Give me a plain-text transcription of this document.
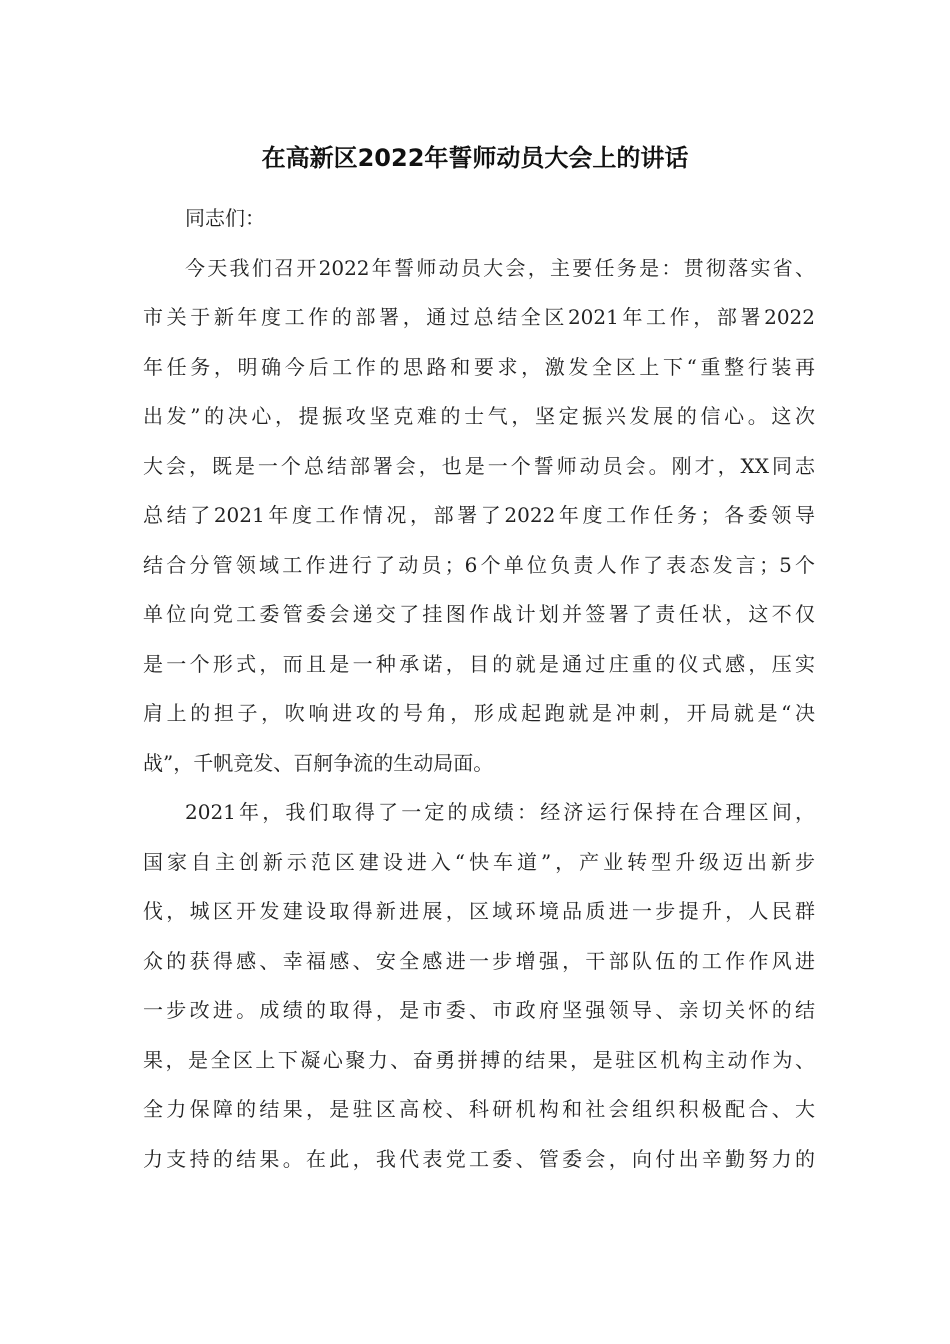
在高新区2022年誓师动员大会上的讲话
同志们：
今天我们召开2022年誓师动员大会，主要任务是：贯彻落实省、
市关于新年度工作的部署，通过总结全区2021年工作，部署2022
年任务，明确今后工作的思路和要求，激发全区上下“重整行装再
出发”的决心，提振攻坚克难的士气，坚定振兴发展的信心。这次
大会，既是一个总结部署会，也是一个誓师动员会。刚才，XX同志
总结了2021年度工作情况，部署了2022年度工作任务；各委领导
结合分管领域工作进行了动员；6个单位负责人作了表态发言；5个
单位向党工委管委会递交了挂图作战计划并签署了责任状，这不仅
是一个形式，而且是一种承诺，目的就是通过庄重的仪式感，压实
肩上的担子，吹响进攻的号角，形成起跑就是冲刺，开局就是“决
战”，千帆竞发、百舸争流的生动局面。
2021年，我们取得了一定的成绩：经济运行保持在合理区间，
国家自主创新示范区建设进入“快车道”，产业转型升级迈出新步
伐，城区开发建设取得新进展，区域环境品质进一步提升，人民群
众的获得感、幸福感、安全感进一步增强，干部队伍的工作作风进
一步改进。成绩的取得，是市委、市政府坚强领导、亲切关怀的结
果，是全区上下凝心聚力、奋勇拼搏的结果，是驻区机构主动作为、
全力保障的结果，是驻区高校、科研机构和社会组织积极配合、大
力支持的结果。在此，我代表党工委、管委会，向付出辛勤努力的
